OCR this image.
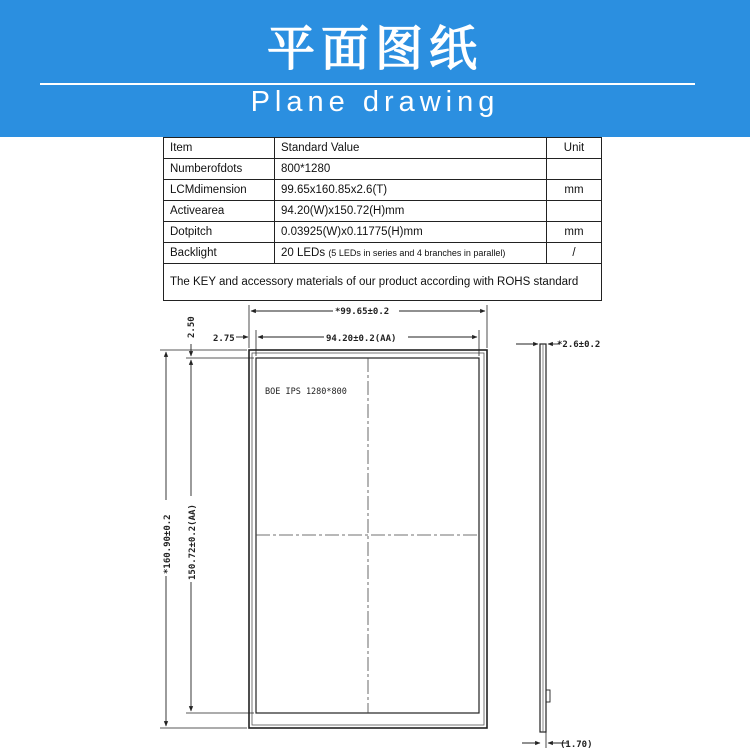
平面图纸
Plane drawing
Item	Standard Value	Unit
Numberofdots	800*1280	
LCMdimension	99.65x160.85x2.6(T)	mm
Activearea	94.20(W)x150.72(H)mm	
Dotpitch	0.03925(W)x0.11775(H)mm	mm
Backlight	20 LEDs (5 LEDs in series and 4 branches in parallel)	/
The KEY and accessory materials of our product according with ROHS standard		
BOE IPS 1280*800
*99.65±0.2
94.20±0.2(AA)
2.75
2.50
*160.90±0.2 150.72±0.2(AA)
*2.6±0.2
(1.70)
